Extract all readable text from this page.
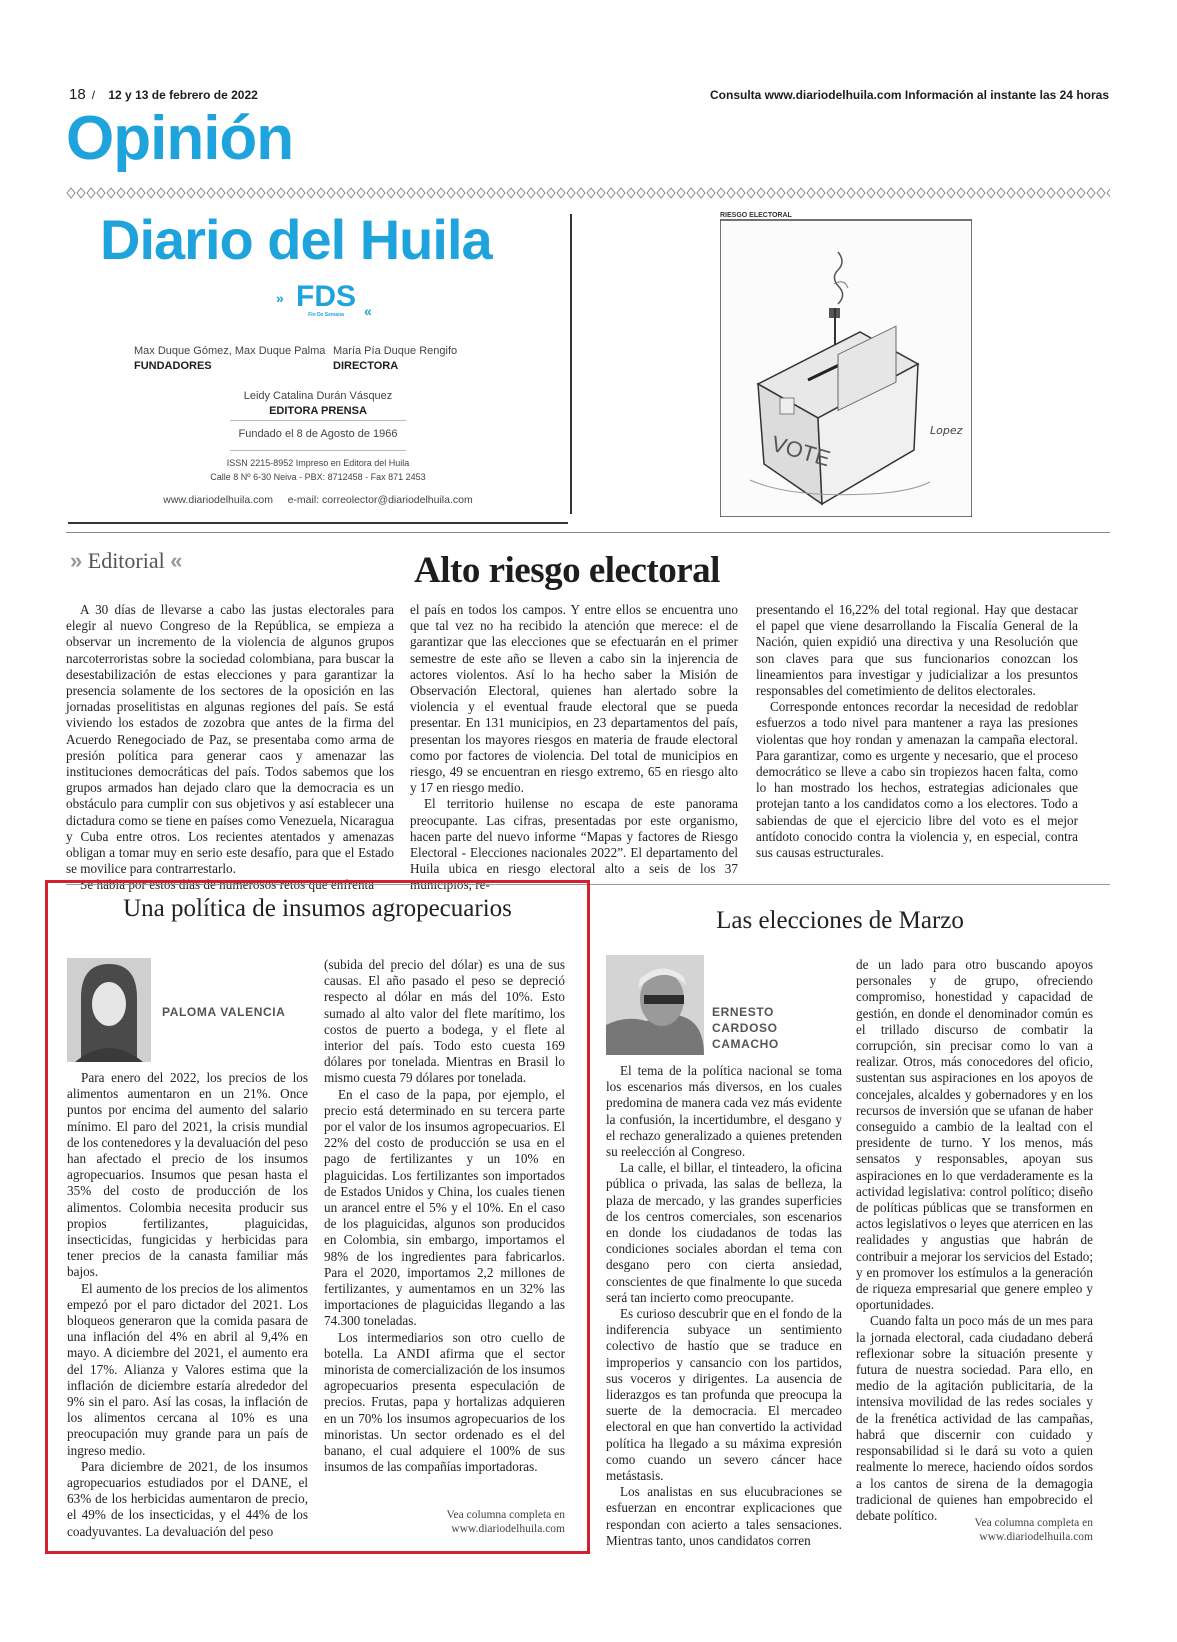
18 / 12 y 13 de febrero de 2022	Consulta www.diariodelhuila.com Información al instante las 24 horas
Opinión
Diario del Huila
» FDS «
Fin De Semana
Max Duque Gómez, Max Duque Palma
FUNDADORES
María Pía Duque Rengifo
DIRECTORA
Leidy Catalina Durán Vásquez
EDITORA PRENSA
Fundado el 8 de Agosto de 1966
ISSN 2215-8952 Impreso en Editora del Huila
Calle 8 Nº 6-30 Neiva - PBX: 8712458 - Fax 871 2453
www.diariodelhuila.com e-mail: correolector@diariodelhuila.com
RIESGO ELECTORAL
VOTE
Lopez
» Editorial «	Alto riesgo electoral

A 30 días de llevarse a cabo las justas electorales para elegir al nuevo Congreso de la República, se empieza a observar un incremento de la violencia de algunos grupos narcoterroristas sobre la sociedad colombiana, para buscar la desestabilización de estas elecciones y para garantizar la presencia solamente de los sectores de la oposición en las jornadas proselitistas en algunas regiones del país. Se está viviendo los estados de zozobra que antes de la firma del Acuerdo Renegociado de Paz, se presentaba como arma de presión política para generar caos y amenazar las instituciones democráticas del país. Todos sabemos que los grupos armados han dejado claro que la democracia es un obstáculo para cumplir con sus objetivos y así establecer una dictadura como se tiene en países como Venezuela, Nicaragua y Cuba entre otros. Los recientes atentados y amenazas obligan a tomar muy en serio este desafío, para que el Estado se movilice para contrarrestarlo.

el país en todos los campos. Y entre ellos se encuentra uno que tal vez no ha recibido la atención que merece: el de garantizar que las elecciones que se efectuarán en el primer semestre de este año se lleven a cabo sin la injerencia de actores violentos. Así lo ha hecho saber la Misión de Observación Electoral, quienes han alertado sobre la violencia y el eventual fraude electoral que se pueda presentar. En 131 municipios, en 23 departamentos del país, presentan los mayores riesgos en materia de fraude electoral como por factores de violencia. Del total de municipios en riesgo, 49 se encuentran en riesgo extremo, 65 en riesgo alto y 17 en riesgo medio.

El territorio huilense no escapa de este panorama preocupante. Las cifras, presentadas por este organismo, hacen parte del nuevo informe “Mapas y factores de Riesgo Electoral - Elecciones nacionales 2022”. El departamento del Huila ubica en riesgo electoral alto a seis de los 37

presentando el 16,22% del total regional. Hay que destacar el papel que viene desarrollando la Fiscalía General de la Nación, quien expidió una directiva y una Resolución que son claves para que sus funcionarios conozcan los lineamientos para investigar y judicializar a los presuntos responsables del cometimiento de delitos electorales.

Corresponde entonces recordar la necesidad de redoblar esfuerzos a todo nivel para mantener a raya las presiones violentas que hoy rondan y amenazan la campaña electoral. Para garantizar, como es urgente y necesario, que el proceso democrático se lleve a cabo sin tropiezos hacen falta, como lo han mostrado los hechos, estrategias adicionales que protejan tanto a los candidatos como a los electores. Todo a sabiendas de que el ejercicio libre del voto es el mejor antídoto conocido contra la violencia y, en especial, contra sus causas estructurales.

Una política de insumos agropecuarios
PALOMA VALENCIA

Para enero del 2022, los precios de los alimentos aumentaron en un 21%. Once puntos por encima del aumento del salario mínimo. El paro del 2021, la crisis mundial de los contenedores y la devaluación del peso han afectado el precio de los insumos agropecuarios. Insumos que pesan hasta el 35% del costo de producción de los alimentos. Colombia necesita producir sus propios fertilizantes, plaguicidas, insecticidas, fungicidas y herbicidas para tener precios de la canasta familiar más bajos.

El aumento de los precios de los alimentos empezó por el paro dictador del 2021. Los bloqueos generaron que la comida pasara de una inflación del 4% en abril al 9,4% en mayo. A diciembre del 2021, el aumento era del 17%. Alianza y Valores estima que la inflación de diciembre estaría alrededor del 9% sin el paro. Así las cosas, la inflación de los alimentos cercana al 10% es una preocupación muy grande para un país de ingreso medio.

Para diciembre de 2021, de los insumos agropecuarios estudiados por el DANE, el 63% de los herbicidas aumentaron de precio, el 49% de los insecticidas, y el 44% de los coadyuvantes. La devaluación del peso

(subida del precio del dólar) es una de sus causas. El año pasado el peso se depreció respecto al dólar en más del 10%. Esto sumado al alto valor del flete marítimo, los costos de puerto a bodega, y el flete al interior del país. Todo esto cuesta 169 dólares por tonelada. Mientras en Brasil lo mismo cuesta 79 dólares por tonelada.

En el caso de la papa, por ejemplo, el precio está determinado en su tercera parte por el valor de los insumos agropecuarios. El 22% del costo de producción se usa en el pago de fertilizantes y un 10% en plaguicidas. Los fertilizantes son importados de Estados Unidos y China, los cuales tienen un arancel entre el 5% y el 10%. En el caso de los plaguicidas, algunos son producidos en Colombia, sin embargo, importamos el 98% de los ingredientes para fabricarlos. Para el 2020, importamos 2,2 millones de fertilizantes, y aumentamos en un 32% las importaciones de plaguicidas llegando a las 74.300 toneladas.

Los intermediarios son otro cuello de botella. La ANDI afirma que el sector minorista de comercialización de los insumos agropecuarios presenta especulación de precios. Frutas, papa y hortalizas adquieren en un 70% los insumos agropecuarios de los minoristas. Un sector ordenado es el del banano, el cual adquiere el 100% de sus insumos de las compañías importadoras.

Vea columna completa en
www.diariodelhuila.com
Las elecciones de Marzo
ERNESTO
CARDOSO
CAMACHO

El tema de la política nacional se toma los escenarios más diversos, en los cuales predomina de manera cada vez más evidente la confusión, la incertidumbre, el desgano y el rechazo generalizado a quienes pretenden su reelección al Congreso.

La calle, el billar, el tinteadero, la oficina pública o privada, las salas de belleza, la plaza de mercado, y las grandes superficies de los centros comerciales, son escenarios en donde los ciudadanos de todas las condiciones sociales abordan el tema con desgano pero con cierta ansiedad, conscientes de que finalmente lo que suceda será tan incierto como preocupante.

Es curioso descubrir que en el fondo de la indiferencia subyace un sentimiento colectivo de hastío que se traduce en improperios y cansancio con los partidos, sus voceros y dirigentes. La ausencia de liderazgos es tan profunda que preocupa la suerte de la democracia. El mercadeo electoral en que han convertido la actividad política ha llegado a su máxima expresión como cuando un severo cáncer hace metástasis.

Los analistas en sus elucubraciones se esfuerzan en encontrar explicaciones que respondan con acierto a tales sensaciones. Mientras tanto, unos candidatos corren

de un lado para otro buscando apoyos personales y de grupo, ofreciendo compromiso, honestidad y capacidad de gestión, en donde el denominador común es el trillado discurso de combatir la corrupción, sin precisar como lo van a realizar. Otros, más conocedores del oficio, sustentan sus aspiraciones en los apoyos de concejales, alcaldes y gobernadores y en los recursos de inversión que se ufanan de haber conseguido a cambio de la lealtad con el presidente de turno. Y los menos, más sensatos y responsables, apoyan sus aspiraciones en lo que verdaderamente es la actividad legislativa: control político; diseño de políticas públicas que se transformen en actos legislativos o leyes que aterricen en las realidades y angustias que habrán de contribuir a mejorar los servicios del Estado; y en promover los estímulos a la generación de riqueza empresarial que genere empleo y oportunidades.

Cuando falta un poco más de un mes para la jornada electoral, cada ciudadano deberá reflexionar sobre la situación presente y futura de nuestra sociedad. Para ello, en medio de la agitación publicitaria, de la intensiva movilidad de las redes sociales y de la frenética actividad de las campañas, habrá que discernir con cuidado y responsabilidad si le dará su voto a quien realmente lo merece, haciendo oídos sordos a los cantos de sirena de la demagogia tradicional de quienes han empobrecido el debate político.

Vea columna completa en
www.diariodelhuila.com
